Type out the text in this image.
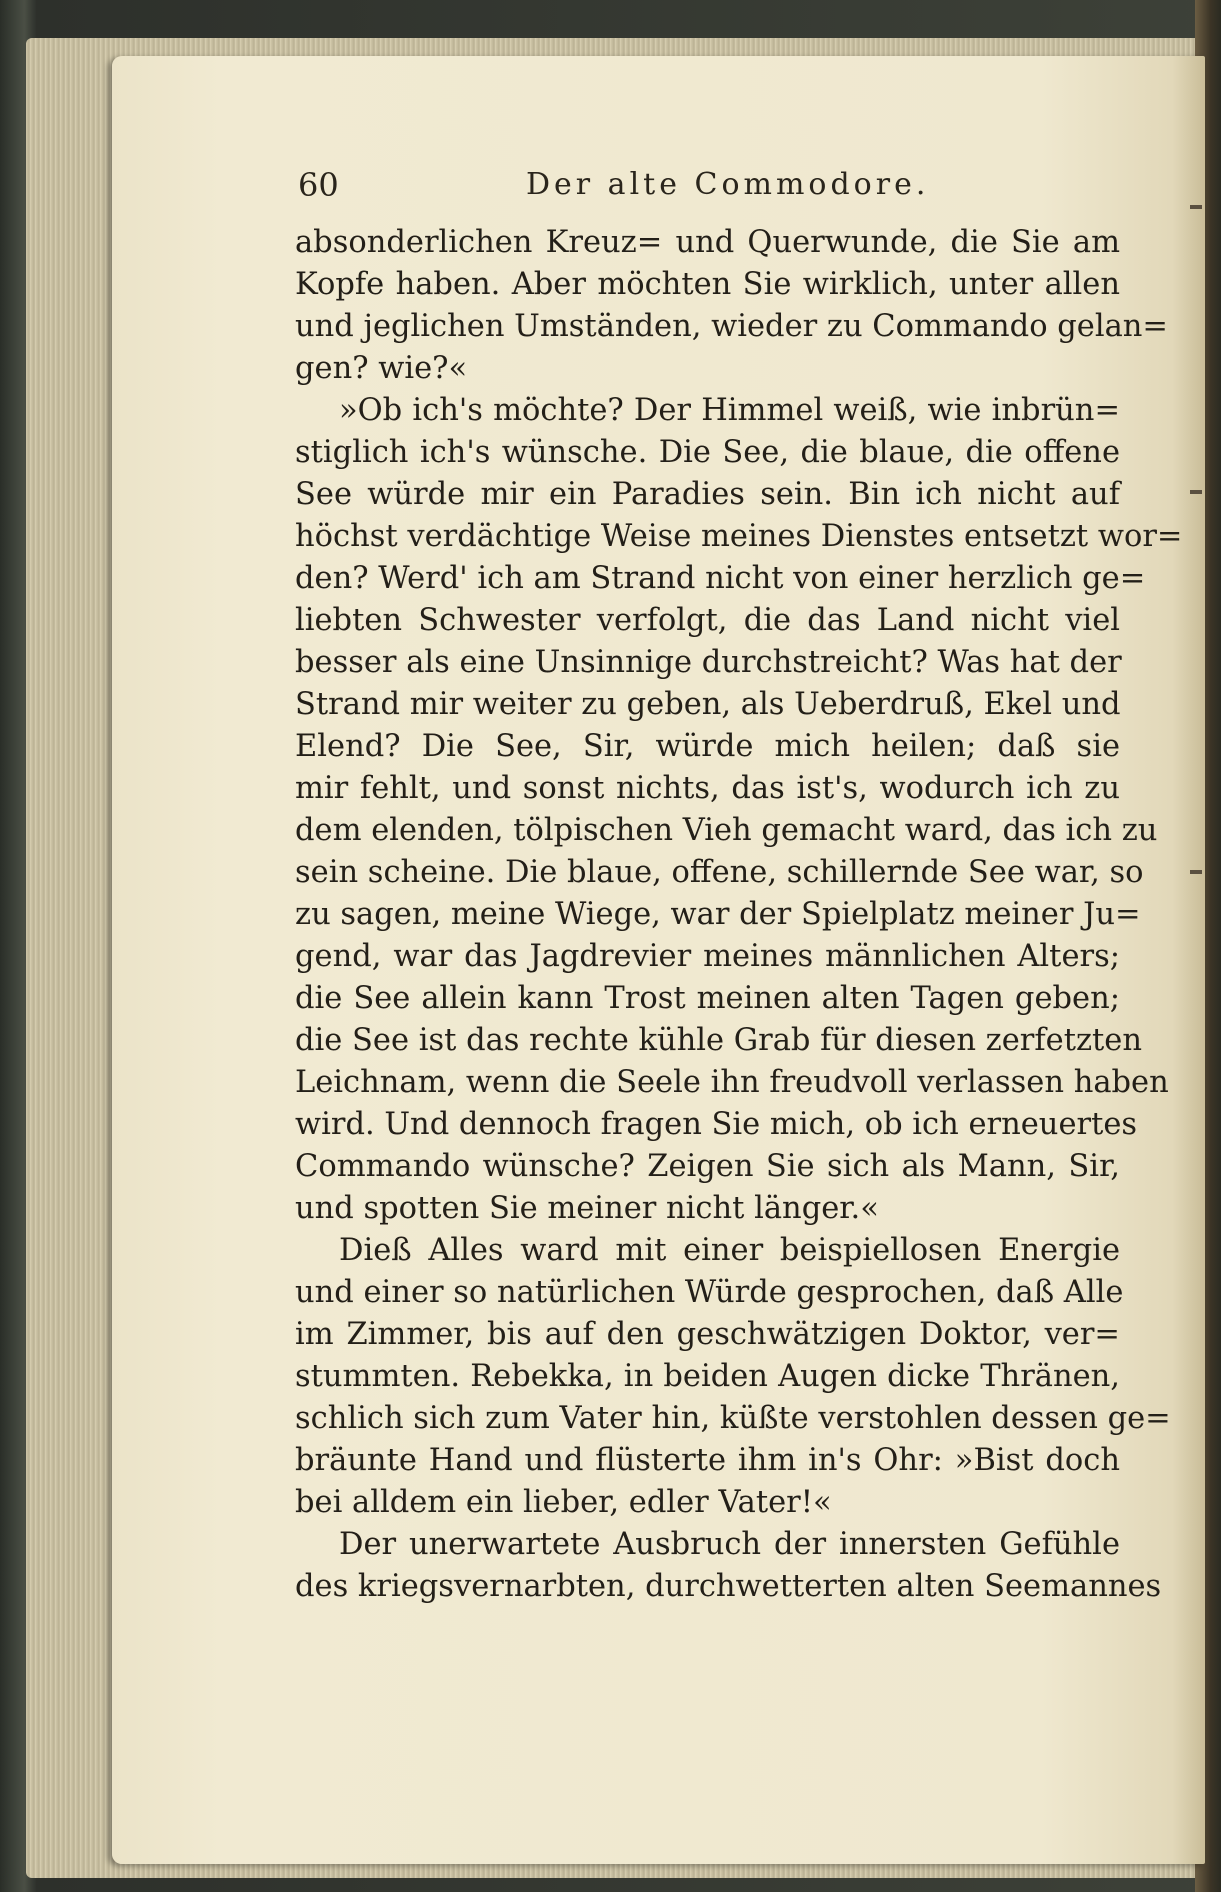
60	Der alte Commodore.
absonderlichen Kreuz= und Querwunde, die Sie am
Kopfe haben. Aber möchten Sie wirklich, unter allen
und jeglichen Umständen, wieder zu Commando gelan=
gen? wie?«
»Ob ich's möchte? Der Himmel weiß, wie inbrün=
stiglich ich's wünsche. Die See, die blaue, die offene
See würde mir ein Paradies sein. Bin ich nicht auf
höchst verdächtige Weise meines Dienstes entsetzt wor=
den? Werd' ich am Strand nicht von einer herzlich ge=
liebten Schwester verfolgt, die das Land nicht viel
besser als eine Unsinnige durchstreicht? Was hat der
Strand mir weiter zu geben, als Ueberdruß, Ekel und
Elend? Die See, Sir, würde mich heilen; daß sie
mir fehlt, und sonst nichts, das ist's, wodurch ich zu
dem elenden, tölpischen Vieh gemacht ward, das ich zu
sein scheine. Die blaue, offene, schillernde See war, so
zu sagen, meine Wiege, war der Spielplatz meiner Ju=
gend, war das Jagdrevier meines männlichen Alters;
die See allein kann Trost meinen alten Tagen geben;
die See ist das rechte kühle Grab für diesen zerfetzten
Leichnam, wenn die Seele ihn freudvoll verlassen haben
wird. Und dennoch fragen Sie mich, ob ich erneuertes
Commando wünsche? Zeigen Sie sich als Mann, Sir,
und spotten Sie meiner nicht länger.«
Dieß Alles ward mit einer beispiellosen Energie
und einer so natürlichen Würde gesprochen, daß Alle
im Zimmer, bis auf den geschwätzigen Doktor, ver=
stummten. Rebekka, in beiden Augen dicke Thränen,
schlich sich zum Vater hin, küßte verstohlen dessen ge=
bräunte Hand und flüsterte ihm in's Ohr: »Bist doch
bei alldem ein lieber, edler Vater!«
Der unerwartete Ausbruch der innersten Gefühle
des kriegsvernarbten, durchwetterten alten Seemannes
